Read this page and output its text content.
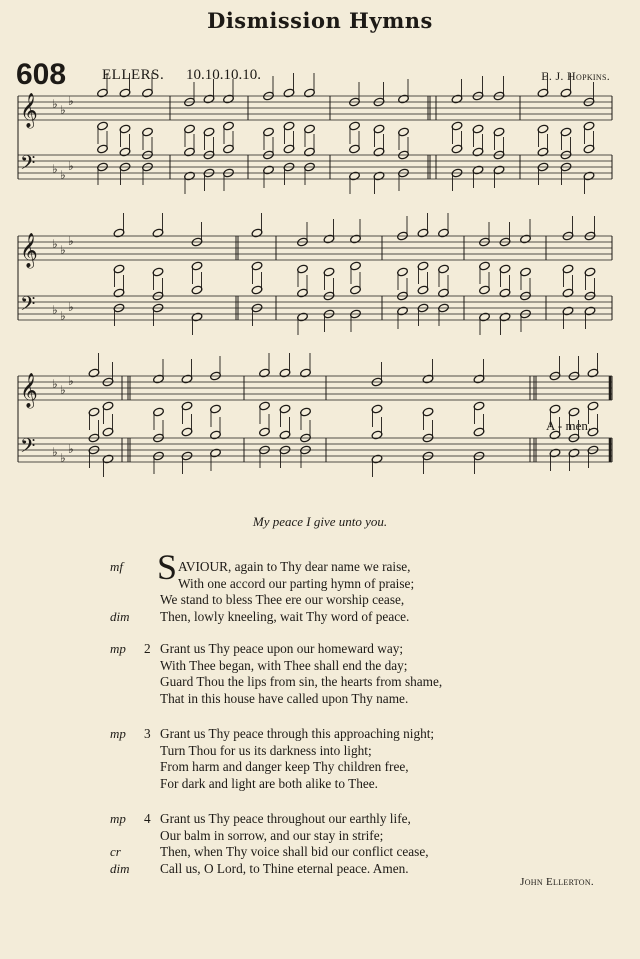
Dismission Hymns
608 ELLERS. 10.10.10.10.	E. J. Hopkins.
𝄞
𝄢
♭ ♭
♭
♭ ♭
♭
𝄞
𝄢
♭ ♭
♭
♭ ♭
♭
𝄞
𝄢
♭ ♭
♭
♭ ♭
♭
A - men.
My peace I give unto you.
S
mf	AVIOUR, again to Thy dear name we raise,
With one accord our parting hymn of praise;
We stand to bless Thee ere our worship cease,
dim Then, lowly kneeling, wait Thy word of peace.
mp 2 Grant us Thy peace upon our homeward way;
With Thee began, with Thee shall end the day;
Guard Thou the lips from sin, the hearts from shame,
That in this house have called upon Thy name.
mp 3 Grant us Thy peace through this approaching night;
Turn Thou for us its darkness into light;
From harm and danger keep Thy children free,
For dark and light are both alike to Thee.
mp 4 Grant us Thy peace throughout our earthly life,
Our balm in sorrow, and our stay in strife;
cr	Then, when Thy voice shall bid our conflict cease,
dim Call us, O Lord, to Thine eternal peace. Amen.
John Ellerton.
